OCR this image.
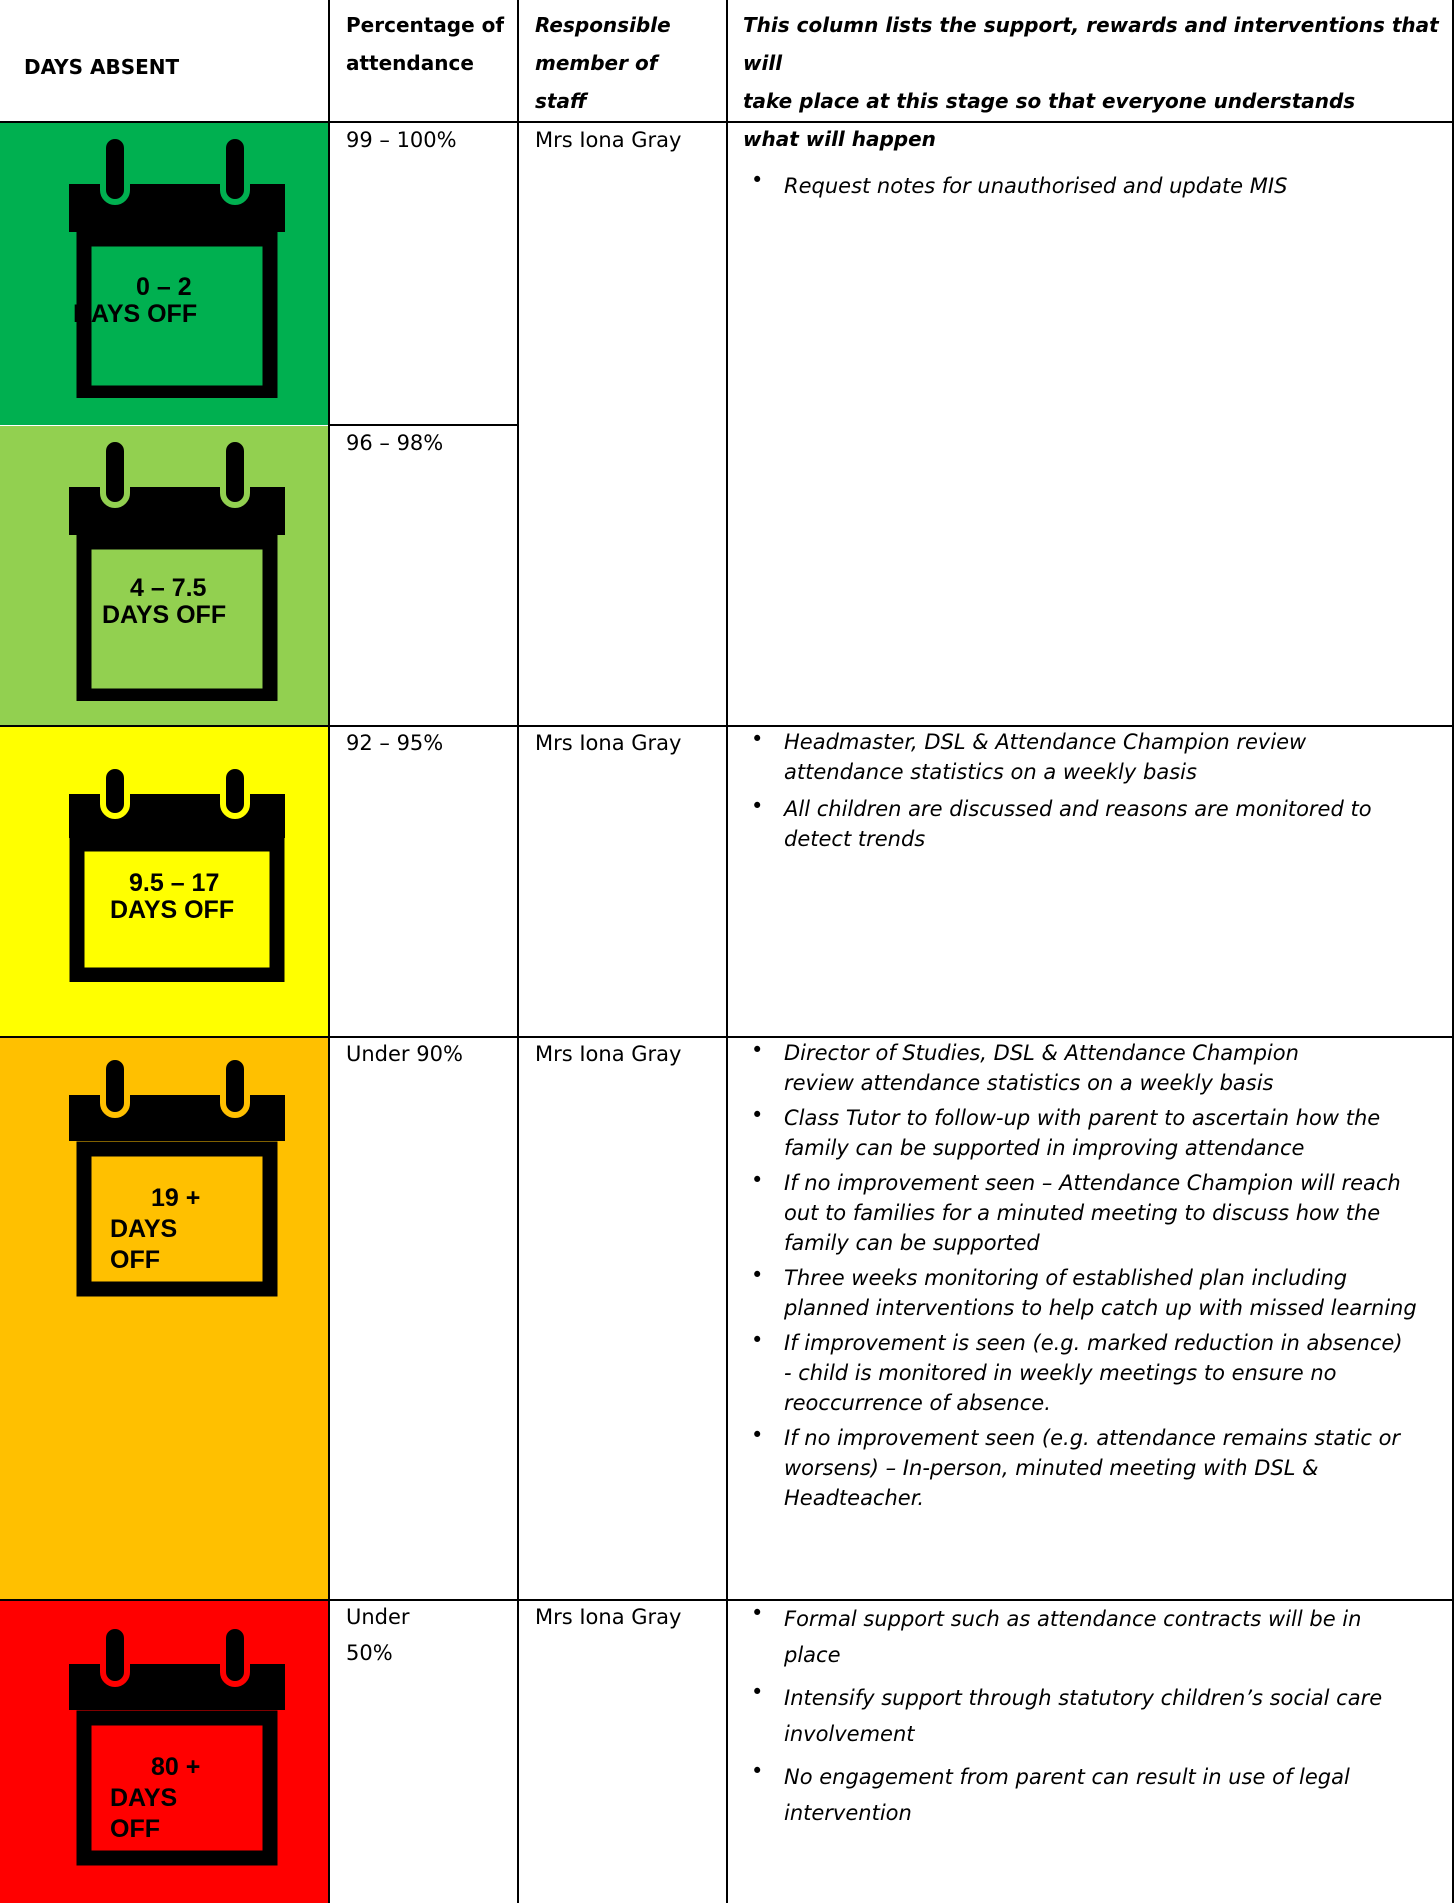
DAYS ABSENT
Percentage of
attendance
Responsible
member of
staff
This column lists the support, rewards and interventions that will
take place at this stage so that everyone understands
what will happen
0 – 2
DAYS OFF
4 – 7.5
DAYS OFF
9.5 – 17
DAYS OFF
19 +
DAYS
OFF
80 +
DAYS
OFF
99 – 100%
96 – 98%
92 – 95%
Under 90%
Under
50%
Mrs Iona Gray
Mrs Iona Gray
Mrs Iona Gray
Mrs Iona Gray
• Request notes for unauthorised and update MIS
• Headmaster, DSL & Attendance Champion review
attendance statistics on a weekly basis
• All children are discussed and reasons are monitored to
detect trends
• Director of Studies, DSL & Attendance Champion
review attendance statistics on a weekly basis
• Class Tutor to follow-up with parent to ascertain how the
family can be supported in improving attendance
• If no improvement seen – Attendance Champion will reach
out to families for a minuted meeting to discuss how the
family can be supported
• Three weeks monitoring of established plan including
planned interventions to help catch up with missed learning
• If improvement is seen (e.g. marked reduction in absence)
- child is monitored in weekly meetings to ensure no
reoccurrence of absence.
• If no improvement seen (e.g. attendance remains static or
worsens) – In-person, minuted meeting with DSL &
Headteacher.
• Formal support such as attendance contracts will be in
place
• Intensify support through statutory children’s social care
involvement
• No engagement from parent can result in use of legal
intervention
